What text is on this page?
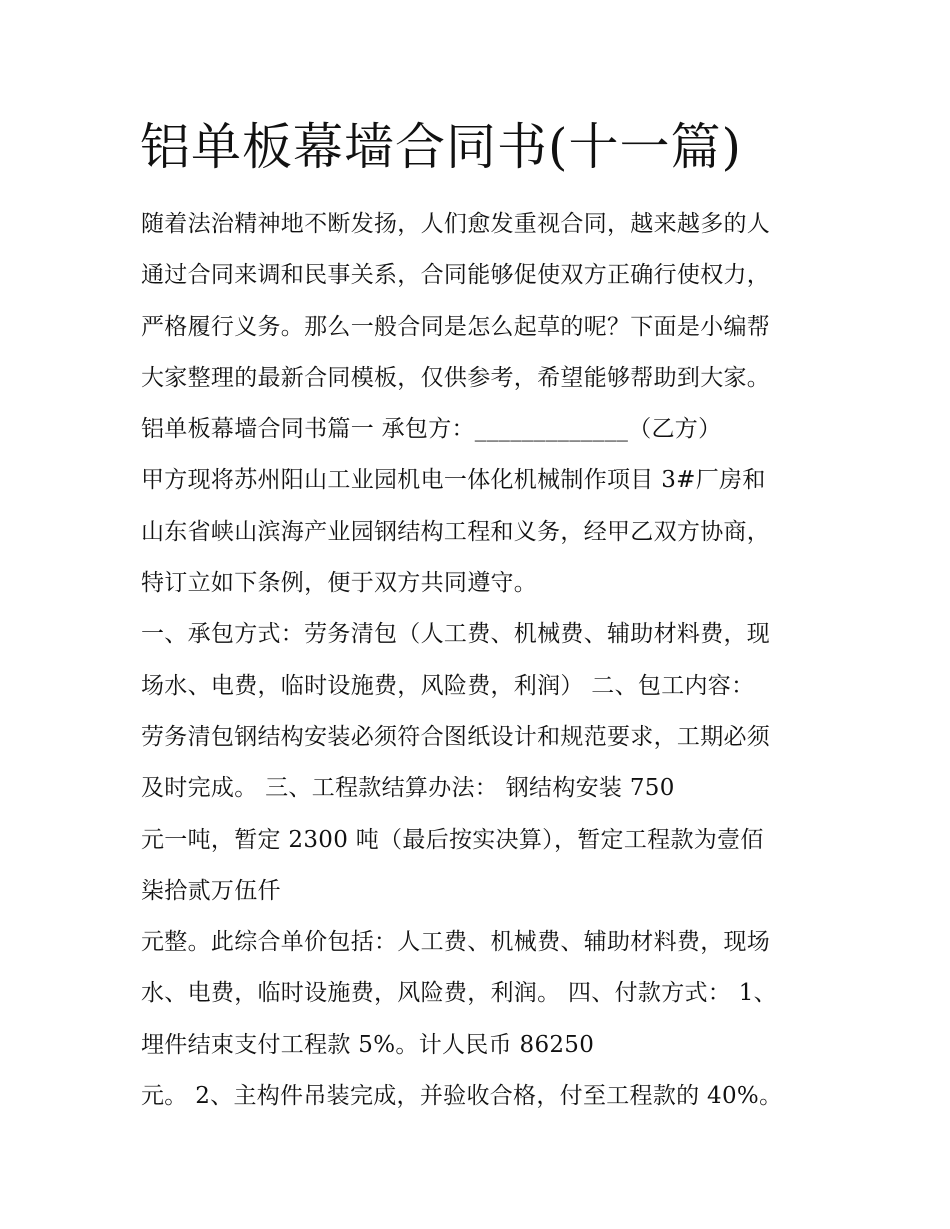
铝单板幕墙合同书(十一篇)
随着法治精神地不断发扬，人们愈发重视合同，越来越多的人
通过合同来调和民事关系，合同能够促使双方正确行使权力，
严格履行义务。那么一般合同是怎么起草的呢？下面是小编帮
大家整理的最新合同模板，仅供参考，希望能够帮助到大家。
铝单板幕墙合同书篇一 承包方：_____________（乙方）
甲方现将苏州阳山工业园机电一体化机械制作项目 3#厂房和
山东省峡山滨海产业园钢结构工程和义务，经甲乙双方协商，
特订立如下条例，便于双方共同遵守。
一、承包方式：劳务清包（人工费、机械费、辅助材料费，现
场水、电费，临时设施费，风险费，利润） 二、包工内容：
劳务清包钢结构安装必须符合图纸设计和规范要求，工期必须
及时完成。 三、工程款结算办法： 钢结构安装 750
元一吨，暂定 2300 吨（最后按实决算），暂定工程款为壹佰
柒拾贰万伍仟
元整。此综合单价包括：人工费、机械费、辅助材料费，现场
水、电费，临时设施费，风险费，利润。 四、付款方式： 1、
埋件结束支付工程款 5%。计人民币 86250
元。 2、主构件吊装完成，并验收合格，付至工程款的 40%。
